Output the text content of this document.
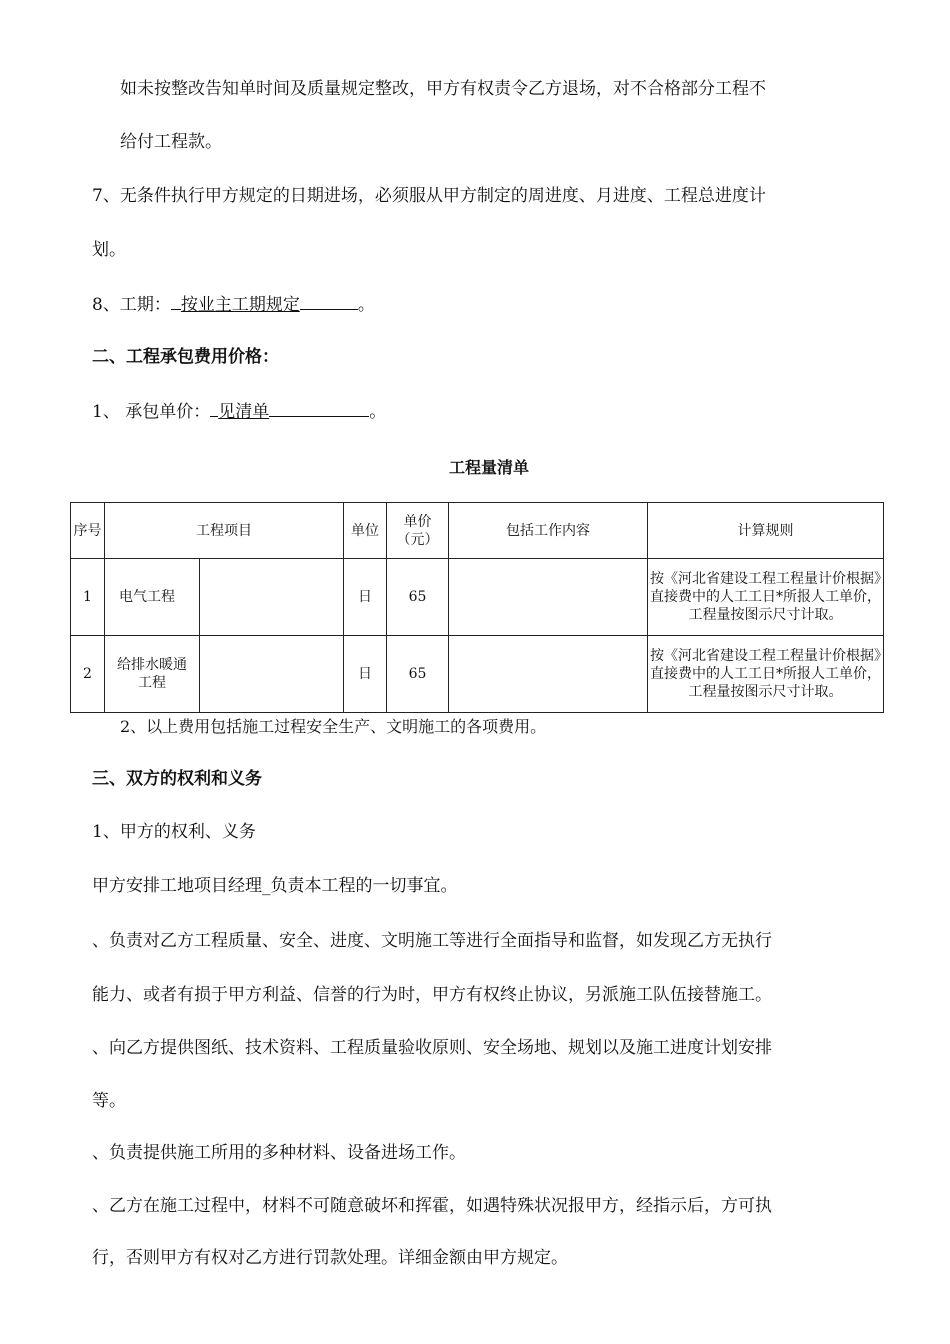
如未按整改告知单时间及质量规定整改，甲方有权责令乙方退场，对不合格部分工程不
给付工程款。
7、无条件执行甲方规定的日期进场，必须服从甲方制定的周进度、月进度、工程总进度计
划。
8、工期： 按业主工期规定	。
二、工程承包费用价格：
1、 承包单价： 见清单	。
工程量清单
序号	工程项目		单位	单价（元）	包括工作内容	计算规则
1	电气工程		日	65		按《河北省建设工程工程量计价根据》直接费中的人工工日*所报人工单价，工程量按图示尺寸计取。
2	给排水暖通工程		日	65		按《河北省建设工程工程量计价根据》直接费中的人工工日*所报人工单价，工程量按图示尺寸计取。
2、以上费用包括施工过程安全生产、文明施工的各项费用。
三、双方的权利和义务
1、甲方的权利、义务
甲方安排工地项目经理_负责本工程的一切事宜。
、负责对乙方工程质量、安全、进度、文明施工等进行全面指导和监督，如发现乙方无执行
能力、或者有损于甲方利益、信誉的行为时，甲方有权终止协议，另派施工队伍接替施工。
、向乙方提供图纸、技术资料、工程质量验收原则、安全场地、规划以及施工进度计划安排
等。
、负责提供施工所用的多种材料、设备进场工作。
、乙方在施工过程中，材料不可随意破坏和挥霍，如遇特殊状况报甲方，经指示后，方可执
行，否则甲方有权对乙方进行罚款处理。详细金额由甲方规定。
